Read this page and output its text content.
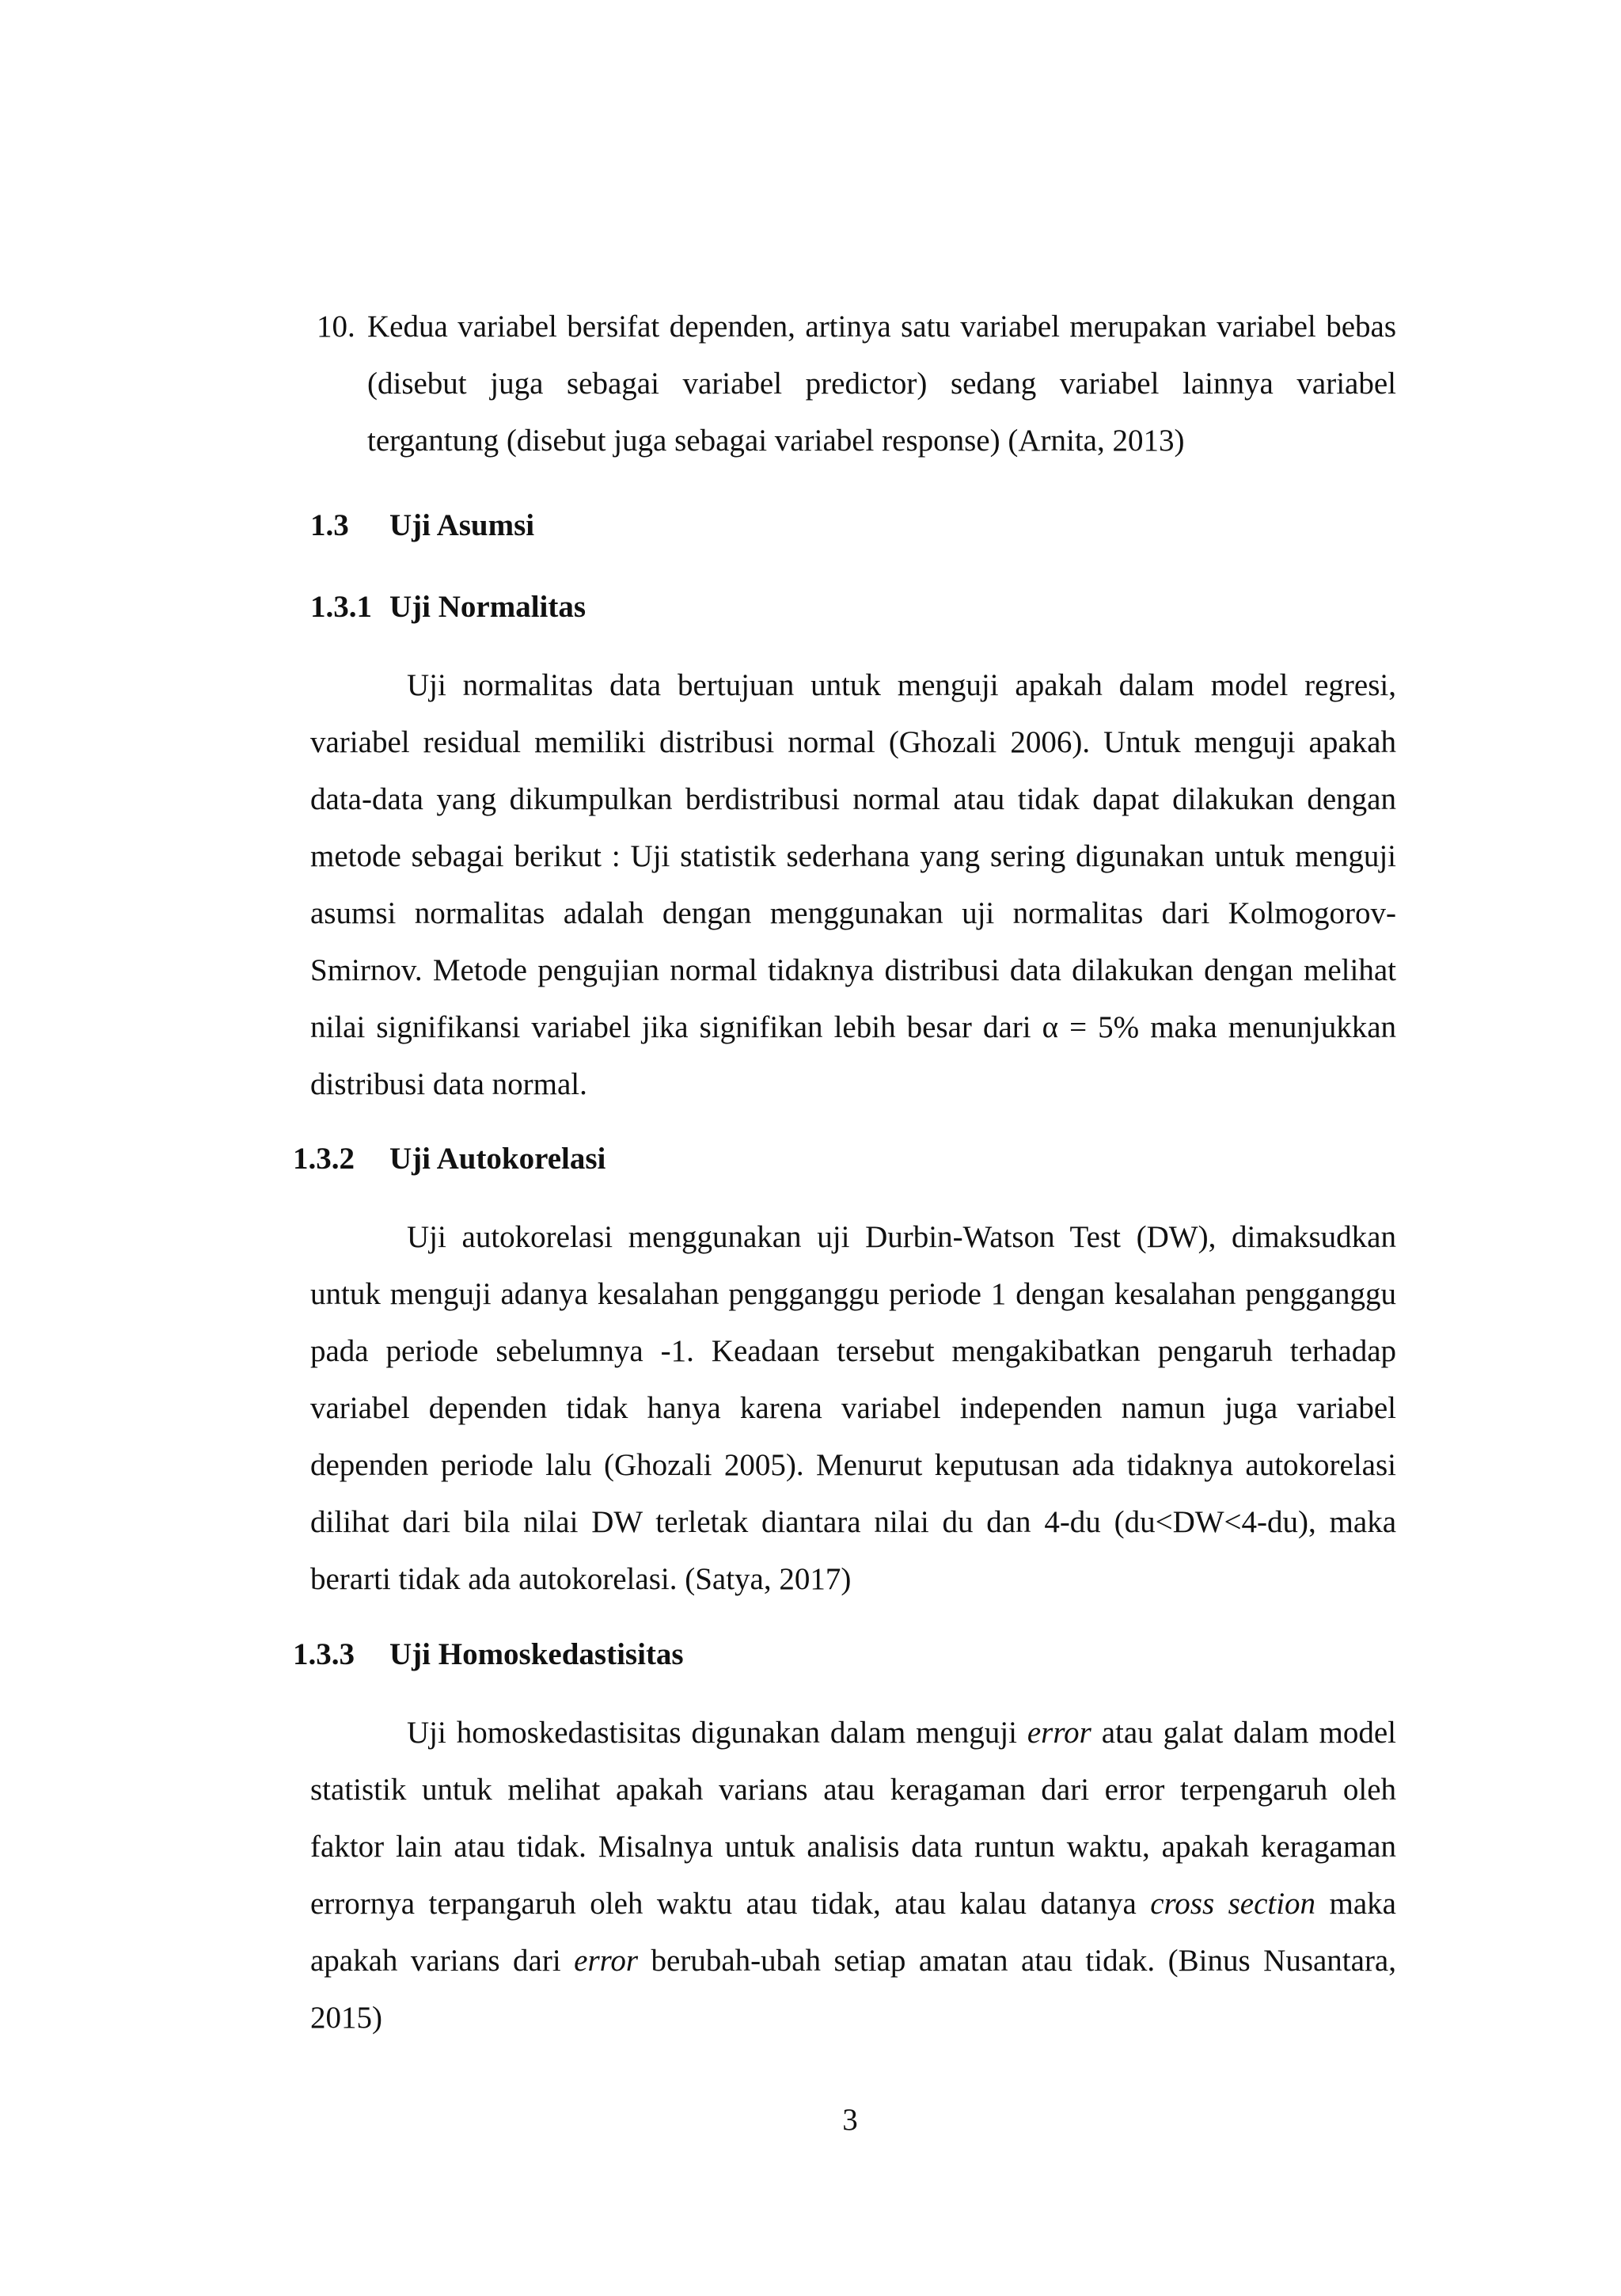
10. Kedua variabel bersifat dependen, artinya satu variabel merupakan variabel bebas (disebut juga sebagai variabel predictor) sedang variabel lainnya variabel tergantung (disebut juga sebagai variabel response) (Arnita, 2013)
1.3 Uji Asumsi
1.3.1 Uji Normalitas
Uji normalitas data bertujuan untuk menguji apakah dalam model regresi, variabel residual memiliki distribusi normal (Ghozali 2006). Untuk menguji apakah data-data yang dikumpulkan berdistribusi normal atau tidak dapat dilakukan dengan metode sebagai berikut : Uji statistik sederhana yang sering digunakan untuk menguji asumsi normalitas adalah dengan menggunakan uji normalitas dari Kolmogorov-Smirnov. Metode pengujian normal tidaknya distribusi data dilakukan dengan melihat nilai signifikansi variabel jika signifikan lebih besar dari α = 5% maka menunjukkan distribusi data normal.
1.3.2 Uji Autokorelasi
Uji autokorelasi menggunakan uji Durbin-Watson Test (DW), dimaksudkan untuk menguji adanya kesalahan pengganggu periode 1 dengan kesalahan pengganggu pada periode sebelumnya -1. Keadaan tersebut mengakibatkan pengaruh terhadap variabel dependen tidak hanya karena variabel independen namun juga variabel dependen periode lalu (Ghozali 2005). Menurut keputusan ada tidaknya autokorelasi dilihat dari bila nilai DW terletak diantara nilai du dan 4-du (du<DW<4-du), maka berarti tidak ada autokorelasi. (Satya, 2017)
1.3.3 Uji Homoskedastisitas
Uji homoskedastisitas digunakan dalam menguji error atau galat dalam model statistik untuk melihat apakah varians atau keragaman dari error terpengaruh oleh faktor lain atau tidak. Misalnya untuk analisis data runtun waktu, apakah keragaman errornya terpangaruh oleh waktu atau tidak, atau kalau datanya cross section maka apakah varians dari error berubah-ubah setiap amatan atau tidak. (Binus Nusantara, 2015)
3
